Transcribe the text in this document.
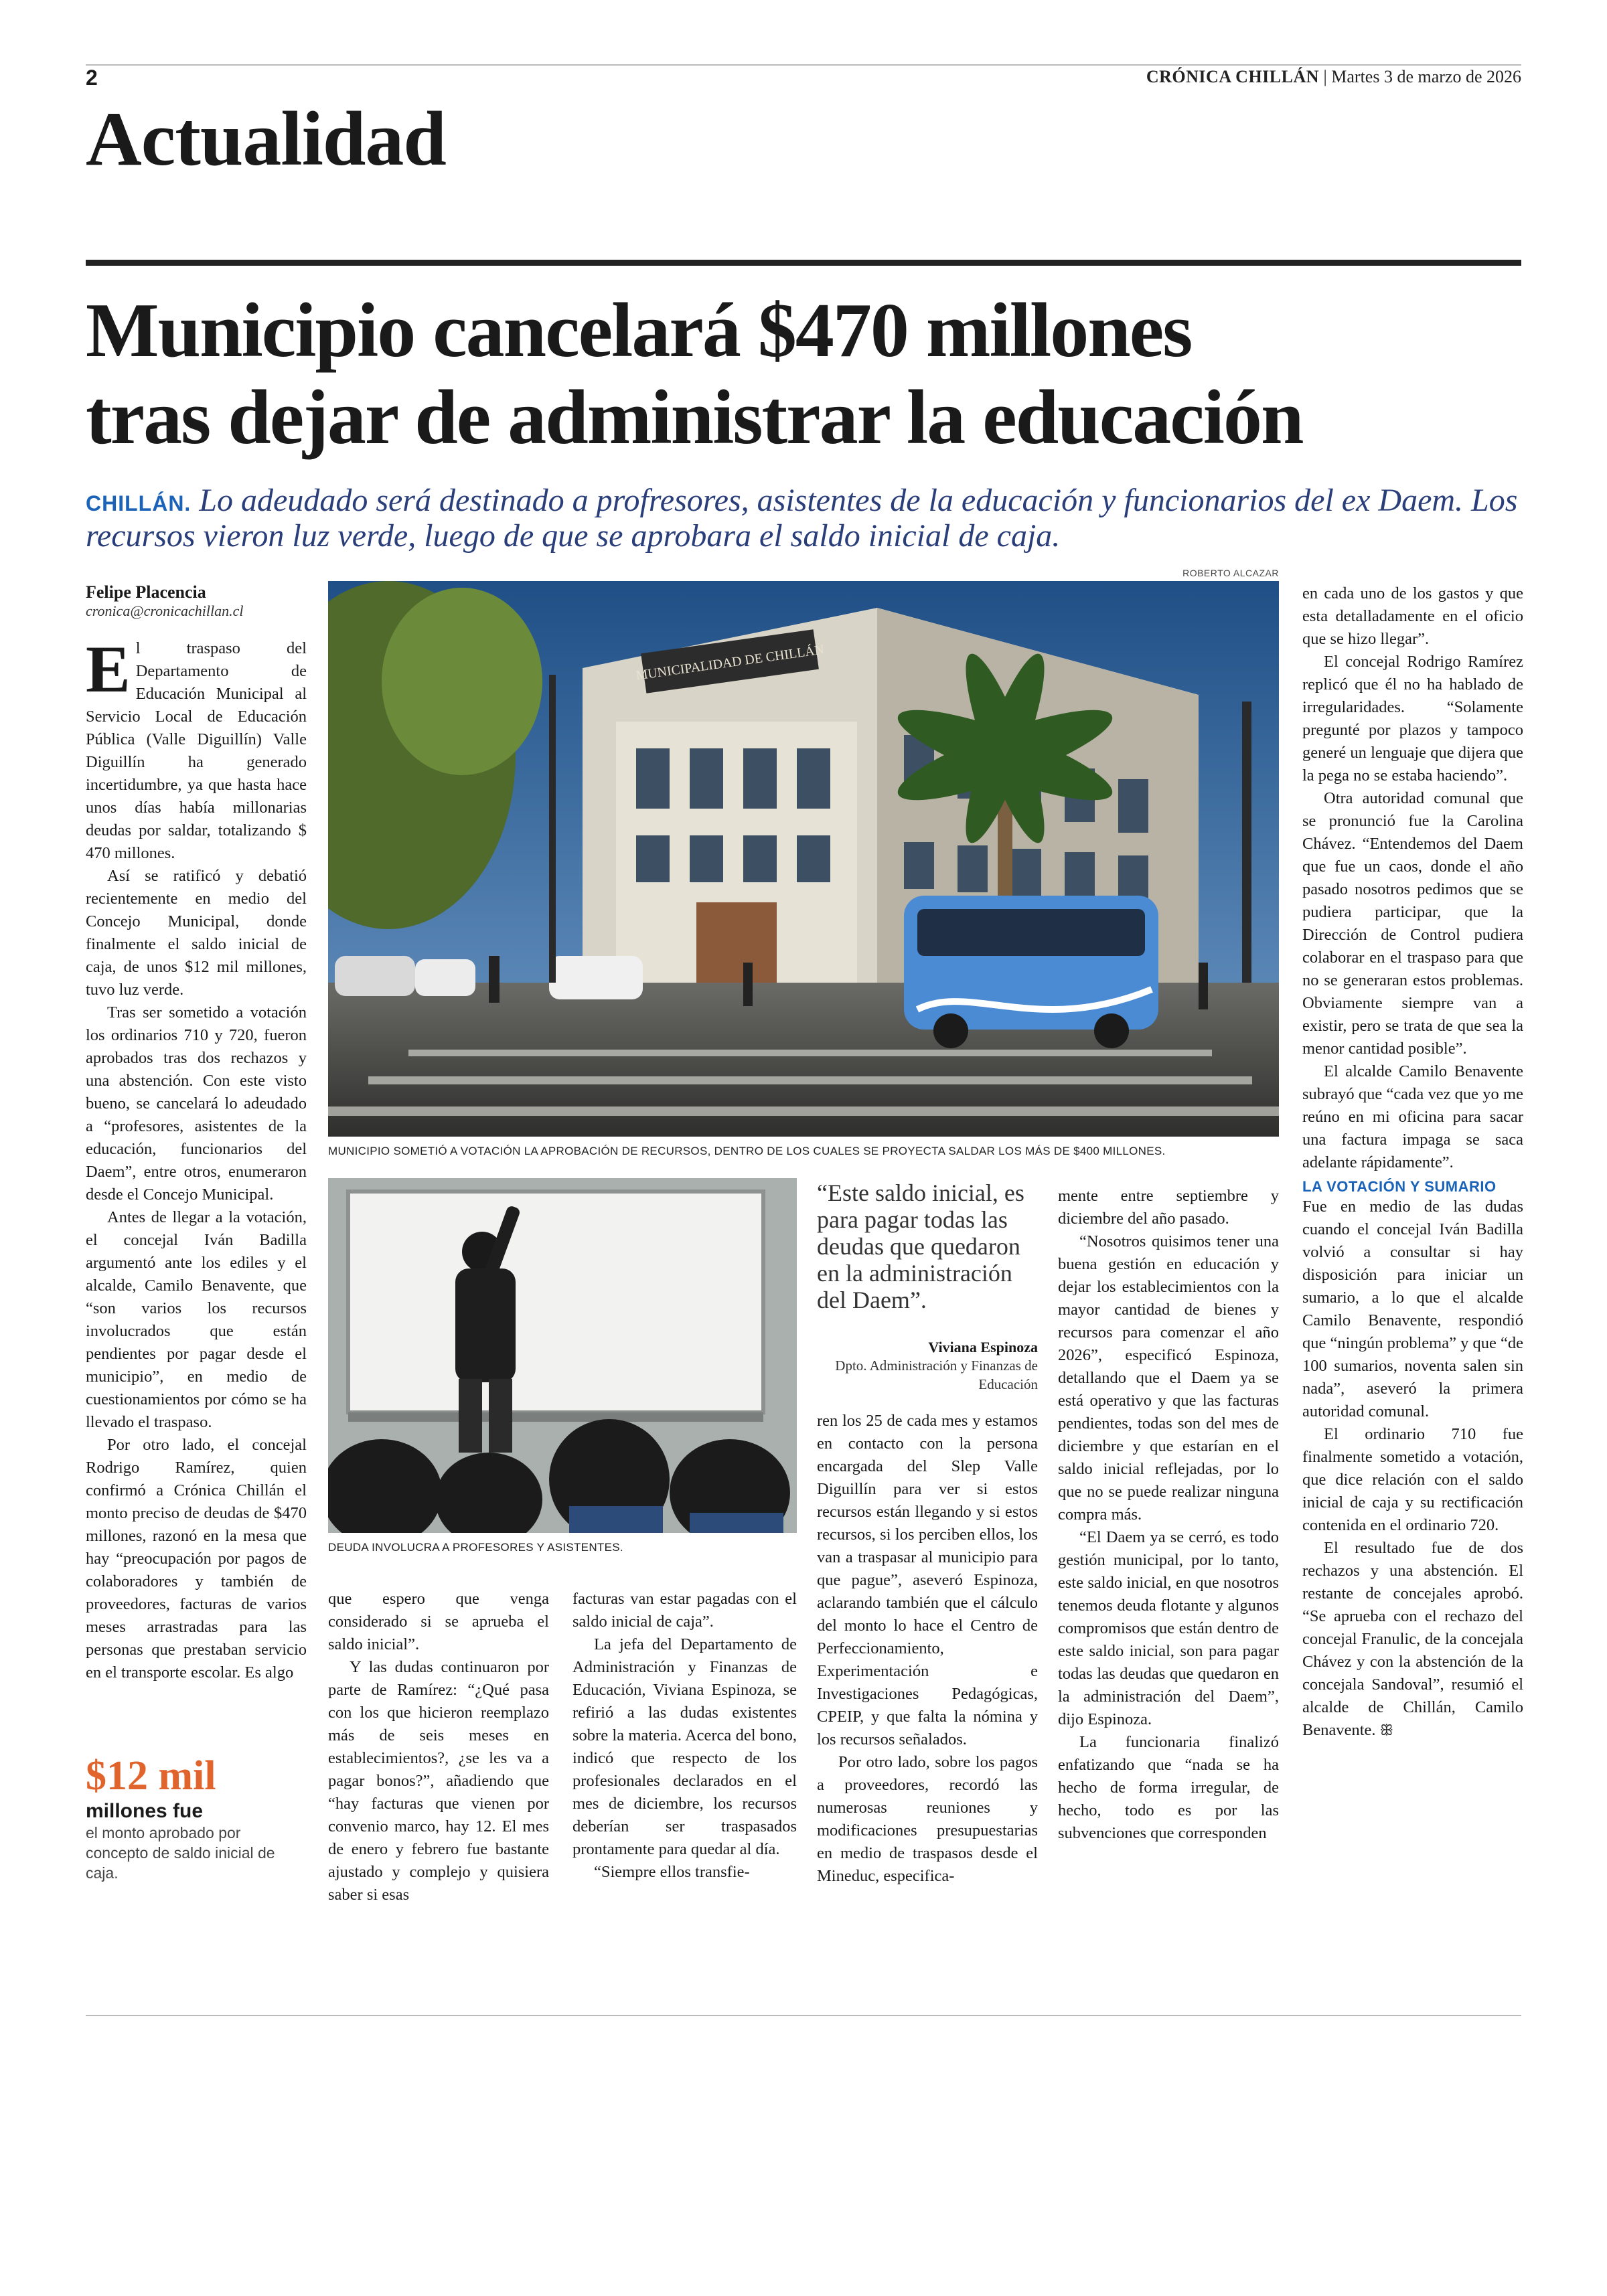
2	CRÓNICA CHILLÁN | Martes 3 de marzo de 2026
Actualidad
Municipio cancelará $470 millones
tras dejar de administrar la educación
CHILLÁN. Lo adeudado será destinado a profresores, asistentes de la educación y funcionarios del ex Daem. Los recursos vieron luz verde, luego de que se aprobara el saldo inicial de caja.
Felipe Placencia
cronica@cronicachillan.cl

El traspaso del Departamento de Educación Municipal al Servicio Local de Educación Pública (Valle Diguillín) Valle Diguillín ha generado incertidumbre, ya que hasta hace unos días había millonarias deudas por saldar, totalizando $ 470 millones.

Así se ratificó y debatió recientemente en medio del Concejo Municipal, donde finalmente el saldo inicial de caja, de unos $12 mil millones, tuvo luz verde.

Tras ser sometido a votación los ordinarios 710 y 720, fueron aprobados tras dos rechazos y una abstención. Con este visto bueno, se cancelará lo adeudado a “profesores, asistentes de la educación, funcionarios del Daem”, entre otros, enumeraron desde el Concejo Municipal.

Antes de llegar a la votación, el concejal Iván Badilla argumentó ante los ediles y el alcalde, Camilo Benavente, que “son varios los recursos involucrados que están pendientes por pagar desde el municipio”, en medio de cuestionamientos por cómo se ha llevado el traspaso.

Por otro lado, el concejal Rodrigo Ramírez, quien confirmó a Crónica Chillán el monto preciso de deudas de $470 millones, razonó en la mesa que hay “preocupación por pagos de colaboradores y también de proveedores, facturas de varios meses arrastradas para las personas que prestaban servicio en el transporte escolar. Es algo

$12 mil
millones fue
el monto aprobado por concepto de saldo inicial de caja.
ROBERTO ALCAZAR
MUNICIPALIDAD DE CHILLÁN
MUNICIPIO SOMETIÓ A VOTACIÓN LA APROBACIÓN DE RECURSOS, DENTRO DE LOS CUALES SE PROYECTA SALDAR LOS MÁS DE $400 MILLONES.
DEUDA INVOLUCRA A PROFESORES Y ASISTENTES.
“Este saldo inicial, es para pagar todas las deudas que quedaron en la administración del Daem”.
Viviana Espinoza
Dpto. Administración y Finanzas de Educación

que espero que venga considerado si se aprueba el saldo inicial”.

Y las dudas continuaron por parte de Ramírez: “¿Qué pasa con los que hicieron reemplazo más de seis meses en establecimientos?, ¿se les va a pagar bonos?”, añadiendo que “hay facturas que vienen por convenio marco, hay 12. El mes de enero y febrero fue bastante ajustado y complejo y quisiera saber si esas

facturas van estar pagadas con el saldo inicial de caja”.

La jefa del Departamento de Administración y Finanzas de Educación, Viviana Espinoza, se refirió a las dudas existentes sobre la materia. Acerca del bono, indicó que respecto de los profesionales declarados en el mes de diciembre, los recursos deberían ser traspasados prontamente para quedar al día.

“Siempre ellos transfie-

ren los 25 de cada mes y estamos en contacto con la persona encargada del Slep Valle Diguillín para ver si estos recursos están llegando y si estos recursos, si los perciben ellos, los van a traspasar al municipio para que pague”, aseveró Espinoza, aclarando también que el cálculo del monto lo hace el Centro de Perfeccionamiento, Experimentación e Investigaciones Pedagógicas, CPEIP, y que falta la nómina y los recursos señalados.

Por otro lado, sobre los pagos a proveedores, recordó las numerosas reuniones y modificaciones presupuestarias en medio de traspasos desde el Mineduc, especifica-

mente entre septiembre y diciembre del año pasado.

“Nosotros quisimos tener una buena gestión en educación y dejar los establecimientos con la mayor cantidad de bienes y recursos para comenzar el año 2026”, especificó Espinoza, detallando que el Daem ya se está operativo y que las facturas pendientes, todas son del mes de diciembre y que estarían en el saldo inicial reflejadas, por lo que no se puede realizar ninguna compra más.

“El Daem ya se cerró, es todo gestión municipal, por lo tanto, este saldo inicial, en que nosotros tenemos deuda flotante y algunos compromisos que están dentro de este saldo inicial, son para pagar todas las deudas que quedaron en la administración del Daem”, dijo Espinoza.

La funcionaria finalizó enfatizando que “nada se ha hecho de forma irregular, de hecho, todo es por las subvenciones que corresponden

en cada uno de los gastos y que esta detalladamente en el oficio que se hizo llegar”.

El concejal Rodrigo Ramírez replicó que él no ha hablado de irregularidades. “Solamente pregunté por plazos y tampoco generé un lenguaje que dijera que la pega no se estaba haciendo”.

Otra autoridad comunal que se pronunció fue la Carolina Chávez. “Entendemos del Daem que fue un caos, donde el año pasado nosotros pedimos que se pudiera participar, que la Dirección de Control pudiera colaborar en el traspaso para que no se generaran estos problemas. Obviamente siempre van a existir, pero se trata de que sea la menor cantidad posible”.

El alcalde Camilo Benavente subrayó que “cada vez que yo me reúno en mi oficina para sacar una factura impaga se saca adelante rápidamente”.

LA VOTACIÓN Y SUMARIO

Fue en medio de las dudas cuando el concejal Iván Badilla volvió a consultar si hay disposición para iniciar un sumario, a lo que el alcalde Camilo Benavente, respondió que “ningún problema” y que “de 100 sumarios, noventa salen sin nada”, aseveró la primera autoridad comunal.

El ordinario 710 fue finalmente sometido a votación, que dice relación con el saldo inicial de caja y su rectificación contenida en el ordinario 720.

El resultado fue de dos rechazos y una abstención. El restante de concejales aprobó. “Se aprueba con el rechazo del concejal Franulic, de la concejala Chávez y con la abstención de la concejala Sandoval”, resumió el alcalde de Chillán, Camilo Benavente. ꕥ
